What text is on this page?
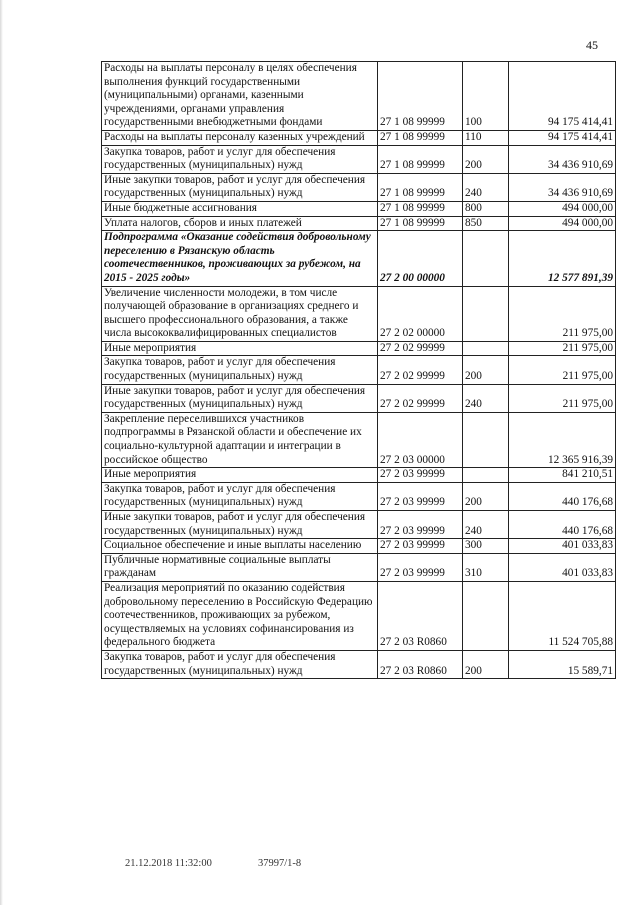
45
Расходы на выплаты персоналу в целях обеспечения выполнения функций государственными (муниципальными) органами, казенными учреждениями, органами управления государственными внебюджетными фондами	27 1 08 99999	100	94 175 414,41
Расходы на выплаты персоналу казенных учреждений	27 1 08 99999	110	94 175 414,41
Закупка товаров, работ и услуг для обеспечения государственных (муниципальных) нужд	27 1 08 99999	200	34 436 910,69
Иные закупки товаров, работ и услуг для обеспечения государственных (муниципальных) нужд	27 1 08 99999	240	34 436 910,69
Иные бюджетные ассигнования	27 1 08 99999	800	494 000,00
Уплата налогов, сборов и иных платежей	27 1 08 99999	850	494 000,00
Подпрограмма «Оказание содействия добровольному переселению в Рязанскую область соотечественников, проживающих за рубежом, на 2015 - 2025 годы»	27 2 00 00000		12 577 891,39
Увеличение численности молодежи, в том числе получающей образование в организациях среднего и высшего профессионального образования, а также числа высококвалифицированных специалистов	27 2 02 00000		211 975,00
Иные мероприятия	27 2 02 99999		211 975,00
Закупка товаров, работ и услуг для обеспечения государственных (муниципальных) нужд	27 2 02 99999	200	211 975,00
Иные закупки товаров, работ и услуг для обеспечения государственных (муниципальных) нужд	27 2 02 99999	240	211 975,00
Закрепление переселившихся участников подпрограммы в Рязанской области и обеспечение их социально-культурной адаптации и интеграции в российское общество	27 2 03 00000		12 365 916,39
Иные мероприятия	27 2 03 99999		841 210,51
Закупка товаров, работ и услуг для обеспечения государственных (муниципальных) нужд	27 2 03 99999	200	440 176,68
Иные закупки товаров, работ и услуг для обеспечения государственных (муниципальных) нужд	27 2 03 99999	240	440 176,68
Социальное обеспечение и иные выплаты населению	27 2 03 99999	300	401 033,83
Публичные нормативные социальные выплаты гражданам	27 2 03 99999	310	401 033,83
Реализация мероприятий по оказанию содействия добровольному переселению в Российскую Федерацию соотечественников, проживающих за рубежом, осуществляемых на условиях софинансирования из федерального бюджета	27 2 03 R0860		11 524 705,88
Закупка товаров, работ и услуг для обеспечения государственных (муниципальных) нужд	27 2 03 R0860	200	15 589,71
21.12.2018 11:32:00	37997/1-8
